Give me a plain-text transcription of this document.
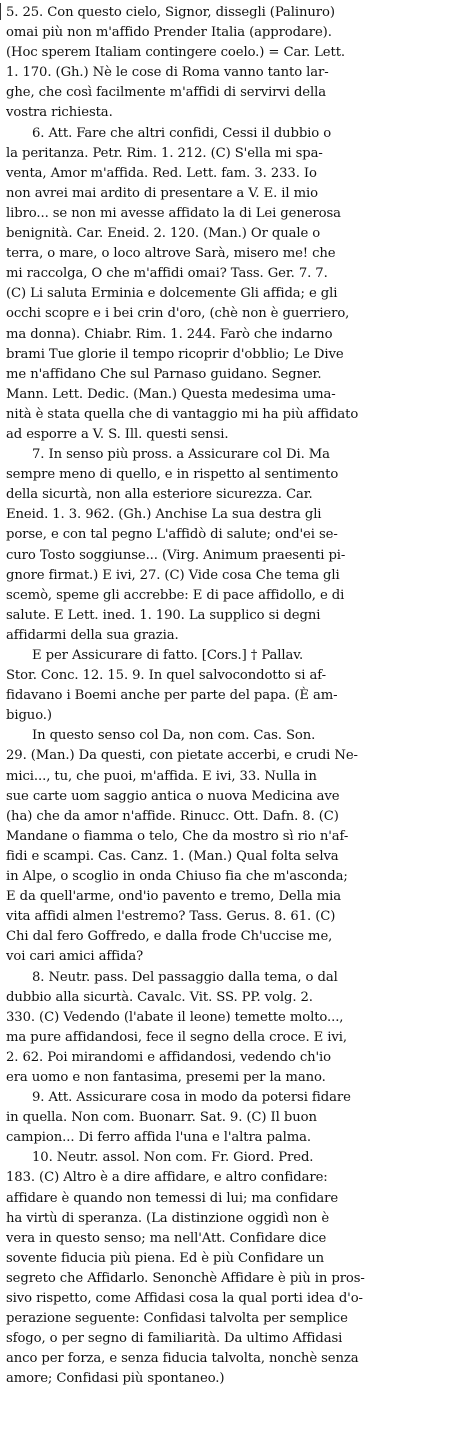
5. 25. Con questo cielo, Signor, dissegli (Palinuro)
omai più non m'affido Prender Italia (approdare).
(Hoc sperem Italiam contingere coelo.) = Car. Lett.
1. 170. (Gh.) Nè le cose di Roma vanno tanto lar-
ghe, che così facilmente m'affidi di servirvi della
vostra richiesta.
6. Att. Fare che altri confidi, Cessi il dubbio o
la peritanza. Petr. Rim. 1. 212. (C) S'ella mi spa-
venta, Amor m'affida. Red. Lett. fam. 3. 233. Io
non avrei mai ardito di presentare a V. E. il mio
libro... se non mi avesse affidato la di Lei generosa
benignità. Car. Eneid. 2. 120. (Man.) Or quale o
terra, o mare, o loco altrove Sarà, misero me! che
mi raccolga, O che m'affidi omai? Tass. Ger. 7. 7.
(C) Li saluta Erminia e dolcemente Gli affida; e gli
occhi scopre e i bei crin d'oro, (chè non è guerriero,
ma donna). Chiabr. Rim. 1. 244. Farò che indarno
brami Tue glorie il tempo ricoprir d'obblio; Le Dive
me n'affidano Che sul Parnaso guidano. Segner.
Mann. Lett. Dedic. (Man.) Questa medesima uma-
nità è stata quella che di vantaggio mi ha più affidato
ad esporre a V. S. Ill. questi sensi.
7. In senso più pross. a Assicurare col Di. Ma
sempre meno di quello, e in rispetto al sentimento
della sicurtà, non alla esteriore sicurezza. Car.
Eneid. 1. 3. 962. (Gh.) Anchise La sua destra gli
porse, e con tal pegno L'affidò di salute; ond'ei se-
curo Tosto soggiunse... (Virg. Animum praesenti pi-
gnore firmat.) E ivi, 27. (C) Vide cosa Che tema gli
scemò, speme gli accrebbe: E di pace affidollo, e di
salute. E Lett. ined. 1. 190. La supplico si degni
affidarmi della sua grazia.
E per Assicurare di fatto. [Cors.] † Pallav.
Stor. Conc. 12. 15. 9. In quel salvocondotto si af-
fidavano i Boemi anche per parte del papa. (È am-
biguo.)
In questo senso col Da, non com. Cas. Son.
29. (Man.) Da questi, con pietate accerbi, e crudi Ne-
mici..., tu, che puoi, m'affida. E ivi, 33. Nulla in
sue carte uom saggio antica o nuova Medicina ave
(ha) che da amor n'affide. Rinucc. Ott. Dafn. 8. (C)
Mandane o fiamma o telo, Che da mostro sì rio n'af-
fidi e scampi. Cas. Canz. 1. (Man.) Qual folta selva
in Alpe, o scoglio in onda Chiuso fia che m'asconda;
E da quell'arme, ond'io pavento e tremo, Della mia
vita affidi almen l'estremo? Tass. Gerus. 8. 61. (C)
Chi dal fero Goffredo, e dalla frode Ch'uccise me,
voi cari amici affida?
8. Neutr. pass. Del passaggio dalla tema, o dal
dubbio alla sicurtà. Cavalc. Vit. SS. PP. volg. 2.
330. (C) Vedendo (l'abate il leone) temette molto...,
ma pure affidandosi, fece il segno della croce. E ivi,
2. 62. Poi mirandomi e affidandosi, vedendo ch'io
era uomo e non fantasima, presemi per la mano.
9. Att. Assicurare cosa in modo da potersi fidare
in quella. Non com. Buonarr. Sat. 9. (C) Il buon
campion... Di ferro affida l'una e l'altra palma.
10. Neutr. assol. Non com. Fr. Giord. Pred.
183. (C) Altro è a dire affidare, e altro confidare:
affidare è quando non temessi di lui; ma confidare
ha virtù di speranza. (La distinzione oggidì non è
vera in questo senso; ma nell'Att. Confidare dice
sovente fiducia più piena. Ed è più Confidare un
segreto che Affidarlo. Senonchè Affidare è più in pros-
sivo rispetto, come Affidasi cosa la qual porti idea d'o-
perazione seguente: Confidasi talvolta per semplice
sfogo, o per segno di familiarità. Da ultimo Affidasi
anco per forza, e senza fiducia talvolta, nonchè senza
amore; Confidasi più spontaneo.)
